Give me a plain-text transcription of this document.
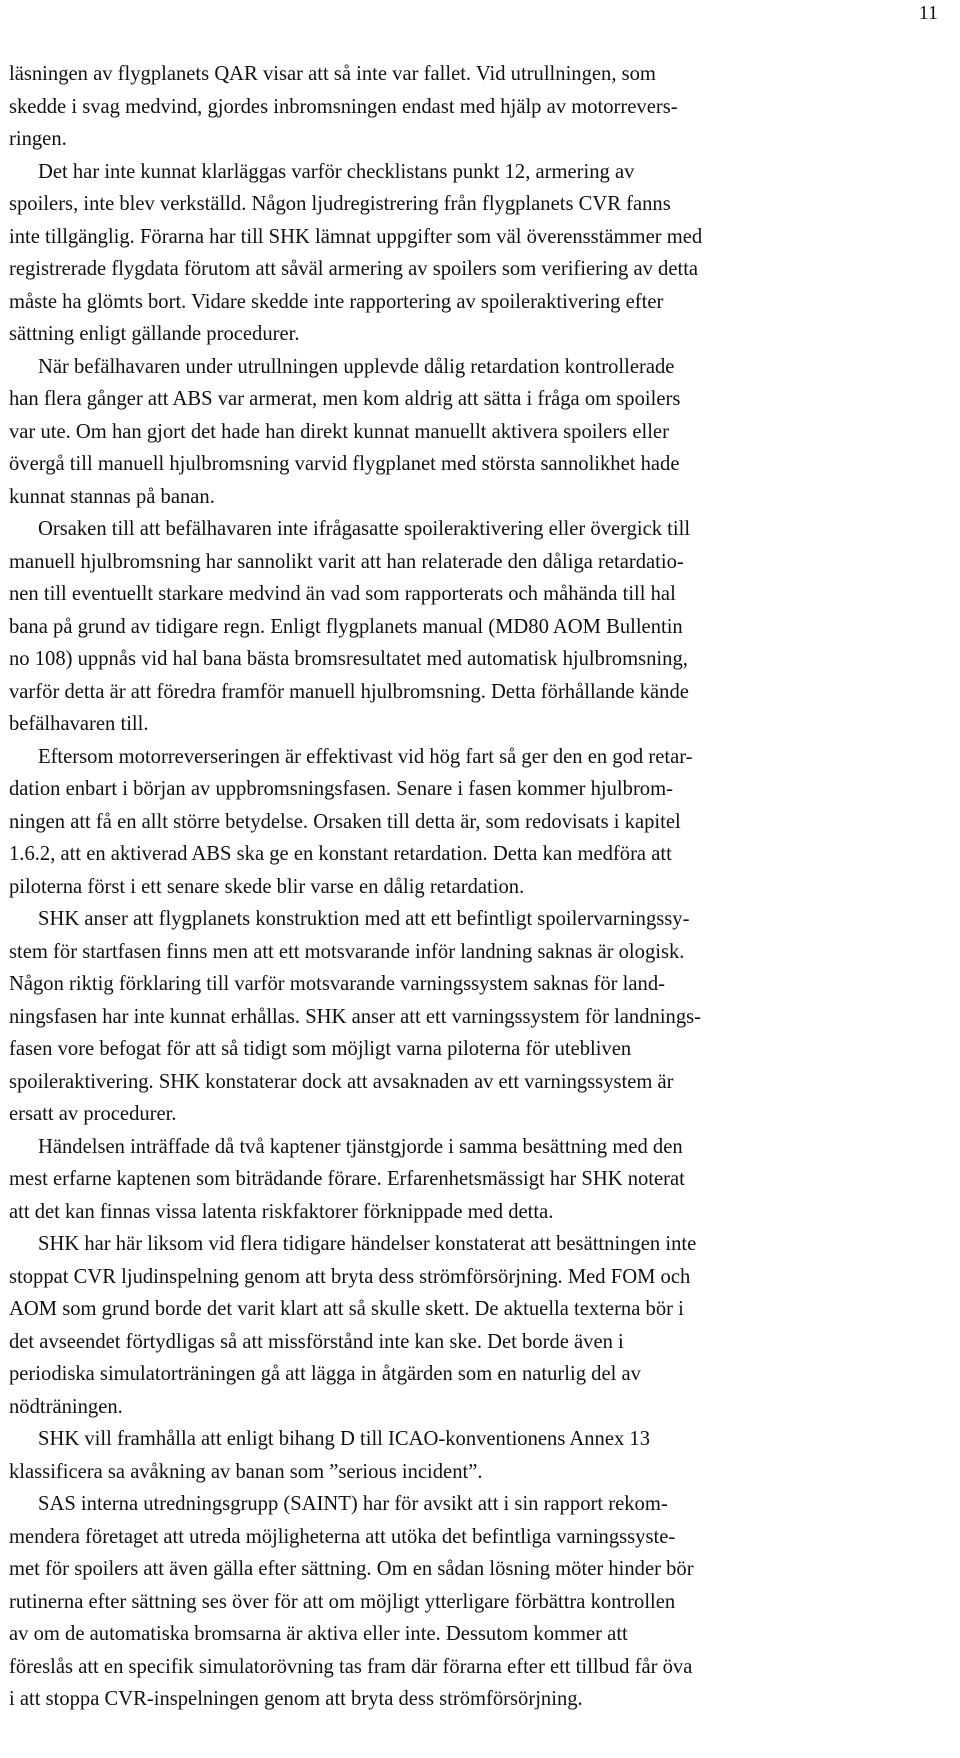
11
läsningen av flygplanets QAR visar att så inte var fallet. Vid utrullningen, som
skedde i svag medvind, gjordes inbromsningen endast med hjälp av motorrevers-
ringen.
Det har inte kunnat klarläggas varför checklistans punkt 12, armering av
spoilers, inte blev verkställd. Någon ljudregistrering från flygplanets CVR fanns
inte tillgänglig. Förarna har till SHK lämnat uppgifter som väl överensstämmer med
registrerade flygdata förutom att såväl armering av spoilers som verifiering av detta
måste ha glömts bort. Vidare skedde inte rapportering av spoileraktivering efter
sättning enligt gällande procedurer.
När befälhavaren under utrullningen upplevde dålig retardation kontrollerade
han flera gånger att ABS var armerat, men kom aldrig att sätta i fråga om spoilers
var ute. Om han gjort det hade han direkt kunnat manuellt aktivera spoilers eller
övergå till manuell hjulbromsning varvid flygplanet med största sannolikhet hade
kunnat stannas på banan.
Orsaken till att befälhavaren inte ifrågasatte spoileraktivering eller övergick till
manuell hjulbromsning har sannolikt varit att han relaterade den dåliga retardatio-
nen till eventuellt starkare medvind än vad som rapporterats och måhända till hal
bana på grund av tidigare regn. Enligt flygplanets manual (MD80 AOM Bullentin
no 108) uppnås vid hal bana bästa bromsresultatet med automatisk hjulbromsning,
varför detta är att föredra framför manuell hjulbromsning. Detta förhållande kände
befälhavaren till.
Eftersom motorreverseringen är effektivast vid hög fart så ger den en god retar-
dation enbart i början av uppbromsningsfasen. Senare i fasen kommer hjulbrom-
ningen att få en allt större betydelse. Orsaken till detta är, som redovisats i kapitel
1.6.2, att en aktiverad ABS ska ge en konstant retardation. Detta kan medföra att
piloterna först i ett senare skede blir varse en dålig retardation.
SHK anser att flygplanets konstruktion med att ett befintligt spoilervarningssy-
stem för startfasen finns men att ett motsvarande inför landning saknas är ologisk.
Någon riktig förklaring till varför motsvarande varningssystem saknas för land-
ningsfasen har inte kunnat erhållas. SHK anser att ett varningssystem för landnings-
fasen vore befogat för att så tidigt som möjligt varna piloterna för utebliven
spoileraktivering. SHK konstaterar dock att avsaknaden av ett varningssystem är
ersatt av procedurer.
Händelsen inträffade då två kaptener tjänstgjorde i samma besättning med den
mest erfarne kaptenen som biträdande förare. Erfarenhetsmässigt har SHK noterat
att det kan finnas vissa latenta riskfaktorer förknippade med detta.
SHK har här liksom vid flera tidigare händelser konstaterat att besättningen inte
stoppat CVR ljudinspelning genom att bryta dess strömförsörjning. Med FOM och
AOM som grund borde det varit klart att så skulle skett. De aktuella texterna bör i
det avseendet förtydligas så att missförstånd inte kan ske. Det borde även i
periodiska simulatorträningen gå att lägga in åtgärden som en naturlig del av
nödträningen.
SHK vill framhålla att enligt bihang D till ICAO-konventionens Annex 13
klassificera sa avåkning av banan som ”serious incident”.
SAS interna utredningsgrupp (SAINT) har för avsikt att i sin rapport rekom-
mendera företaget att utreda möjligheterna att utöka det befintliga varningssyste-
met för spoilers att även gälla efter sättning. Om en sådan lösning möter hinder bör
rutinerna efter sättning ses över för att om möjligt ytterligare förbättra kontrollen
av om de automatiska bromsarna är aktiva eller inte. Dessutom kommer att
föreslås att en specifik simulatorövning tas fram där förarna efter ett tillbud får öva
i att stoppa CVR-inspelningen genom att bryta dess strömförsörjning.
